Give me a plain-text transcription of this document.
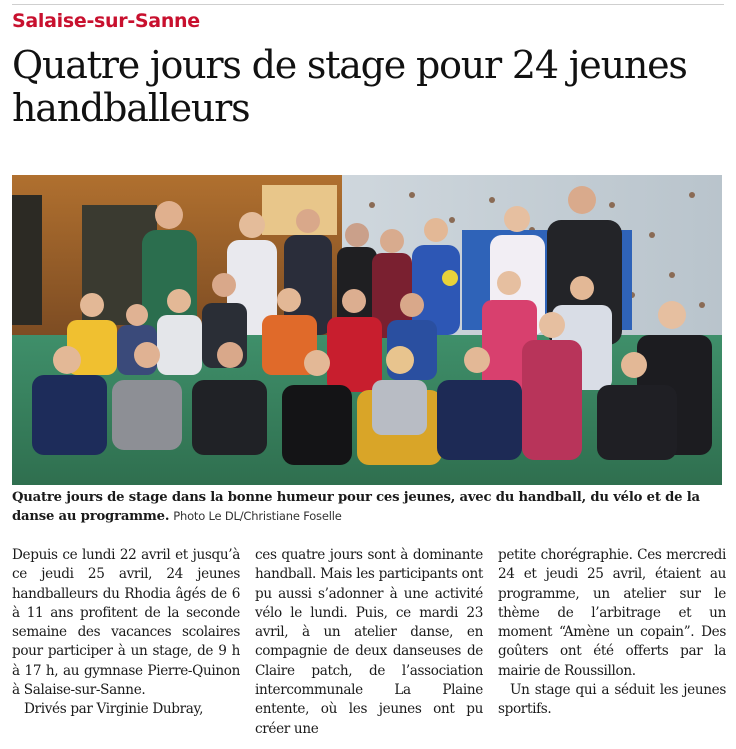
Salaise-sur-Sanne
Quatre jours de stage pour 24 jeunes handballeurs
Quatre jours de stage dans la bonne humeur pour ces jeunes, avec du handball, du vélo et de la danse au programme. Photo Le DL/Christiane Foselle

Depuis ce lundi 22 avril et jusqu’à ce jeudi 25 avril, 24 jeunes handballeurs du Rhodia âgés de 6 à 11 ans profitent de la seconde semaine des vacances scolaires pour participer à un stage, de 9 h à 17 h, au gymnase Pierre-Quinon à Salaise-sur-Sanne.

Drivés par Virginie Dubray,

ces quatre jours sont à dominante handball. Mais les participants ont pu aussi s’adonner à une activité vélo le lundi. Puis, ce mardi 23 avril, à un atelier danse, en compagnie de deux danseuses de Claire patch, de l’association intercommunale La Plaine entente, où les jeunes ont pu créer une

petite chorégraphie. Ces mercredi 24 et jeudi 25 avril, étaient au programme, un atelier sur le thème de l’arbitrage et un moment “Amène un copain”. Des goûters ont été offerts par la mairie de Roussillon.

Un stage qui a séduit les jeunes sportifs.
